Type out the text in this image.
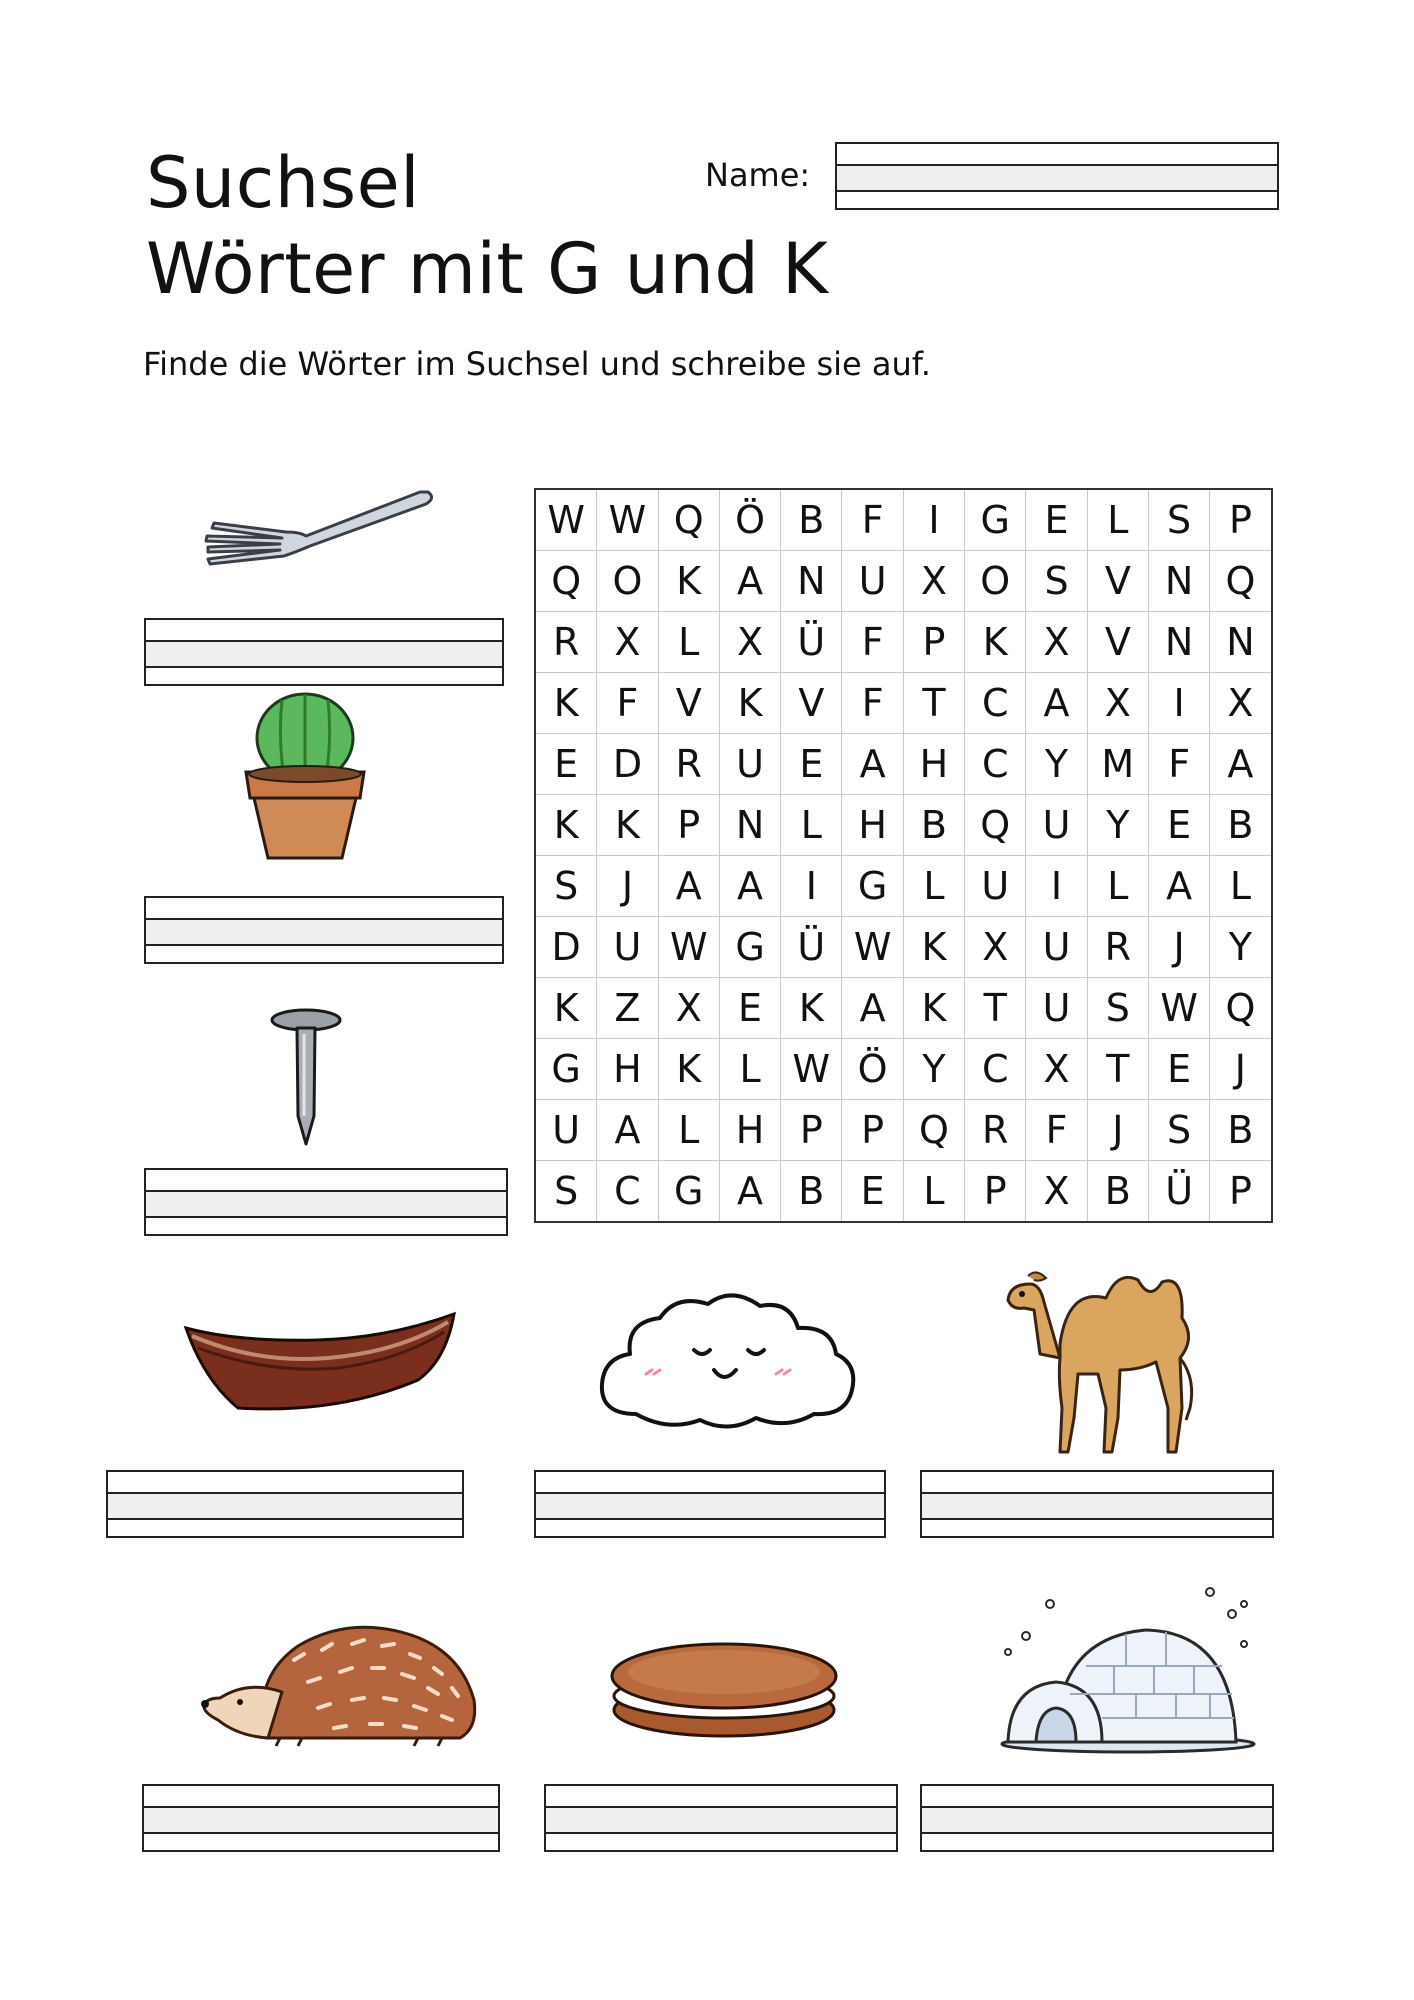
Suchsel
Wörter mit G und K
Name:
Finde die Wörter im Suchsel und schreibe sie auf.
W	W	Q	Ö	B	F	I	G	E	L	S	P
Q	O	K	A	N	U	X	O	S	V	N	Q
R	X	L	X	Ü	F	P	K	X	V	N	N
K	F	V	K	V	F	T	C	A	X	I	X
E	D	R	U	E	A	H	C	Y	M	F	A
K	K	P	N	L	H	B	Q	U	Y	E	B
S	J	A	A	I	G	L	U	I	L	A	L
D	U	W	G	Ü	W	K	X	U	R	J	Y
K	Z	X	E	K	A	K	T	U	S	W	Q
G	H	K	L	W	Ö	Y	C	X	T	E	J
U	A	L	H	P	P	Q	R	F	J	S	B
S	C	G	A	B	E	L	P	X	B	Ü	P
